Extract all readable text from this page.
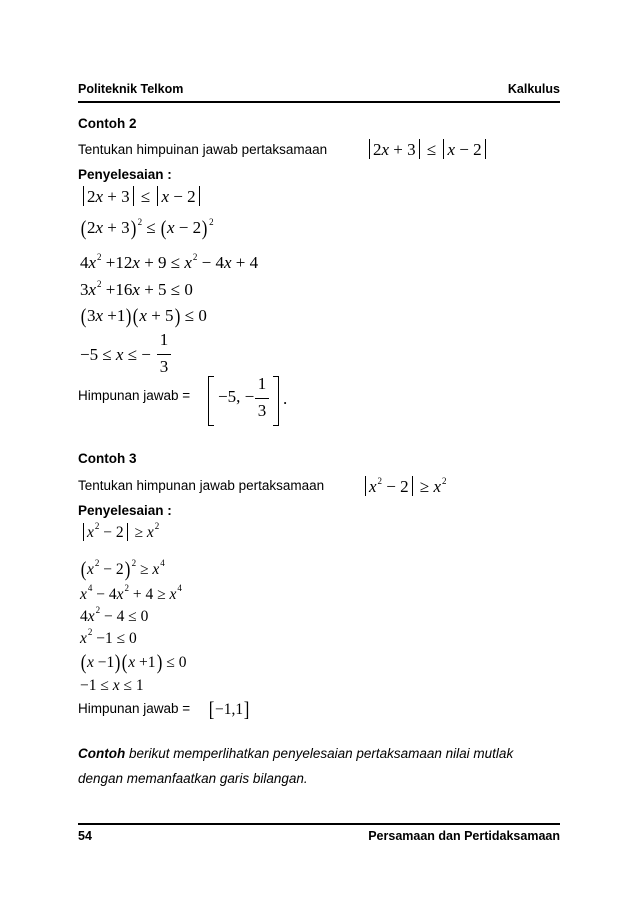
Politeknik Telkom	Kalkulus
Contoh 2
Tentukan himpuinan jawab pertaksamaan	2x + 3 ≤ x − 2
Penyelesaian :
2x + 3 ≤ x − 2
(2x + 3) $^2$ ≤ (x − 2) $^2$
$4x^2 +12x + 9 \le x^2 - 4x + 4$
$3x^2 +16x + 5 \le 0$
(3x +1)(x + 5) ≤ 0
−5 ≤ x ≤ −
1
3
Himpunan jawab = −5, −
1
3
.
Contoh 3
Tentukan himpunan jawab pertaksamaan	$x^2 - 2 \ge x^2$
Penyelesaian :
$x^2 - 2 \ge x^2$
$(x^2 - 2) ^2 \ge x^4$
$x^4 - 4x^2 + 4 \ge x^4$
$4x^2 - 4 \le 0$
$x^2 -1 \le 0$
(x −1)(x +1) ≤ 0
−1 ≤ x ≤ 1
Himpunan jawab = [−1,1]
Contoh berikut memperlihatkan penyelesaian pertaksamaan nilai mutlak dengan memanfaatkan garis bilangan.
54	Persamaan dan Pertidaksamaan
